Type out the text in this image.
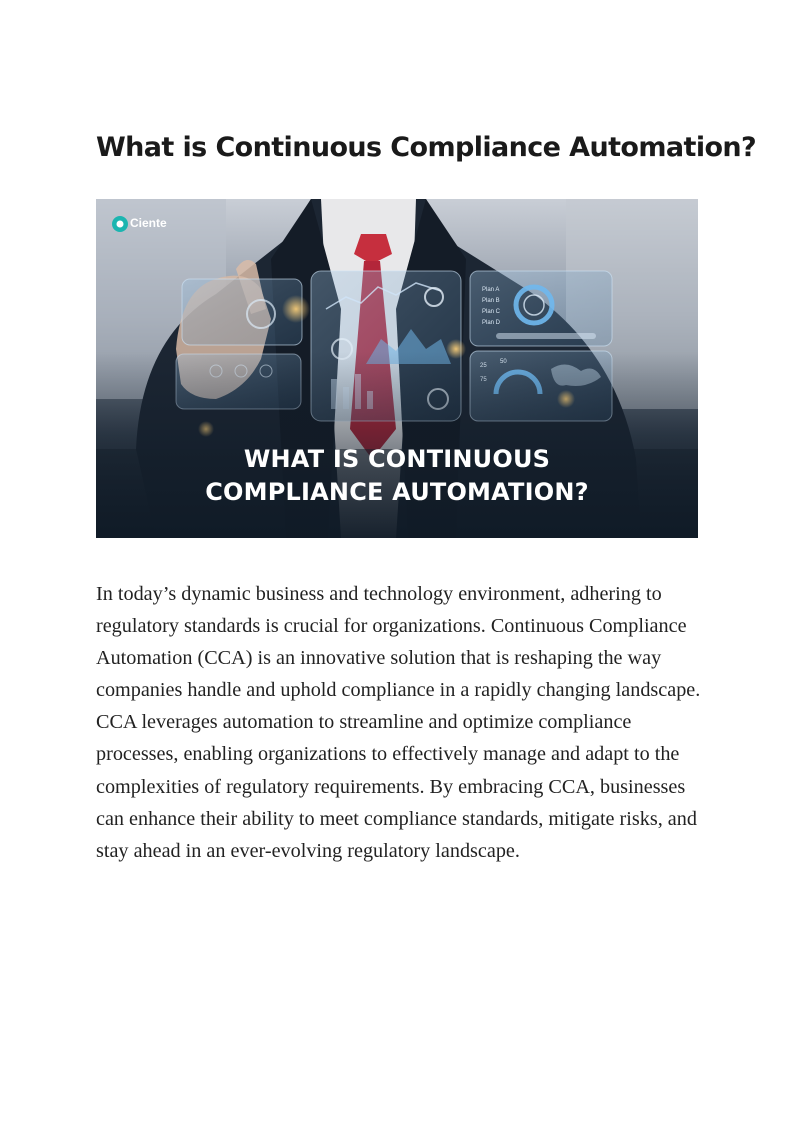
What is Continuous Compliance Automation?
Ciente
WHAT IS CONTINUOUS
COMPLIANCE AUTOMATION?

In today’s dynamic business and technology environment, adhering to regulatory standards is crucial for organizations. Continuous Compliance Automation (CCA) is an innovative solution that is reshaping the way companies handle and uphold compliance in a rapidly changing landscape. CCA leverages automation to streamline and optimize compliance processes, enabling organizations to effectively manage and adapt to the complexities of regulatory requirements. By embracing CCA, businesses can enhance their ability to meet compliance standards, mitigate risks, and stay ahead in an ever-evolving regulatory landscape.
